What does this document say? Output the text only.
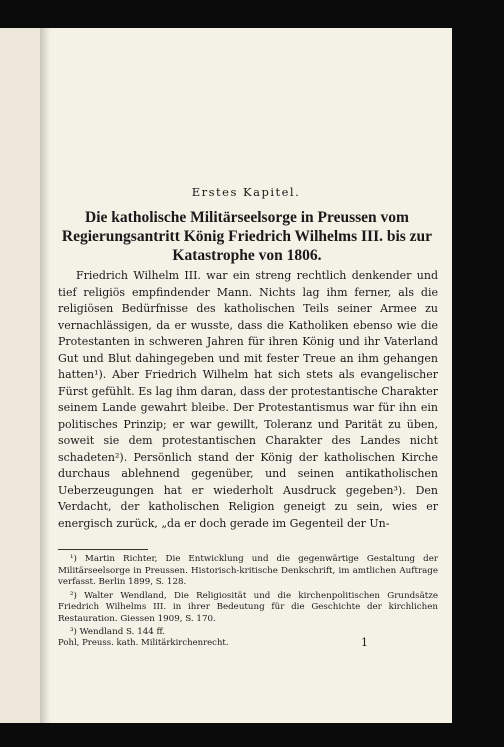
Erstes Kapitel.
Die katholische Militärseelsorge in Preussen vom Regierungsantritt König Friedrich Wilhelms III. bis zur Katastrophe von 1806.

Friedrich Wilhelm III. war ein streng rechtlich denkender und tief religiös empfindender Mann. Nichts lag ihm ferner, als die religiösen Bedürfnisse des katholischen Teils seiner Armee zu vernachlässigen, da er wusste, dass die Katholiken ebenso wie die Protestanten in schweren Jahren für ihren König und ihr Vaterland Gut und Blut dahingegeben und mit fester Treue an ihm gehangen hatten¹). Aber Friedrich Wilhelm hat sich stets als evangelischer Fürst gefühlt. Es lag ihm daran, dass der protestantische Charakter seinem Lande gewahrt bleibe. Der Protestantismus war für ihn ein politisches Prinzip; er war gewillt, Toleranz und Parität zu üben, soweit sie dem protestantischen Charakter des Landes nicht schadeten²). Persönlich stand der König der katholischen Kirche durchaus ablehnend gegenüber, und seinen antikatholischen Ueberzeugungen hat er wiederholt Ausdruck gegeben³). Den Verdacht, der katholischen Religion geneigt zu sein, wies er energisch zurück, „da er doch gerade im Gegenteil der Un-

¹) Martin Richter, Die Entwicklung und die gegenwärtige Gestaltung der Militärseelsorge in Preussen. Historisch-kritische Denkschrift, im amtlichen Auftrage verfasst. Berlin 1899, S. 128.

²) Walter Wendland, Die Religiosität und die kirchenpolitischen Grundsätze Friedrich Wilhelms III. in ihrer Bedeutung für die Geschichte der kirchlichen Restauration. Giessen 1909, S. 170.

³) Wendland S. 144 ff.

Pohl, Preuss. kath. Militärkirchenrecht.	1
